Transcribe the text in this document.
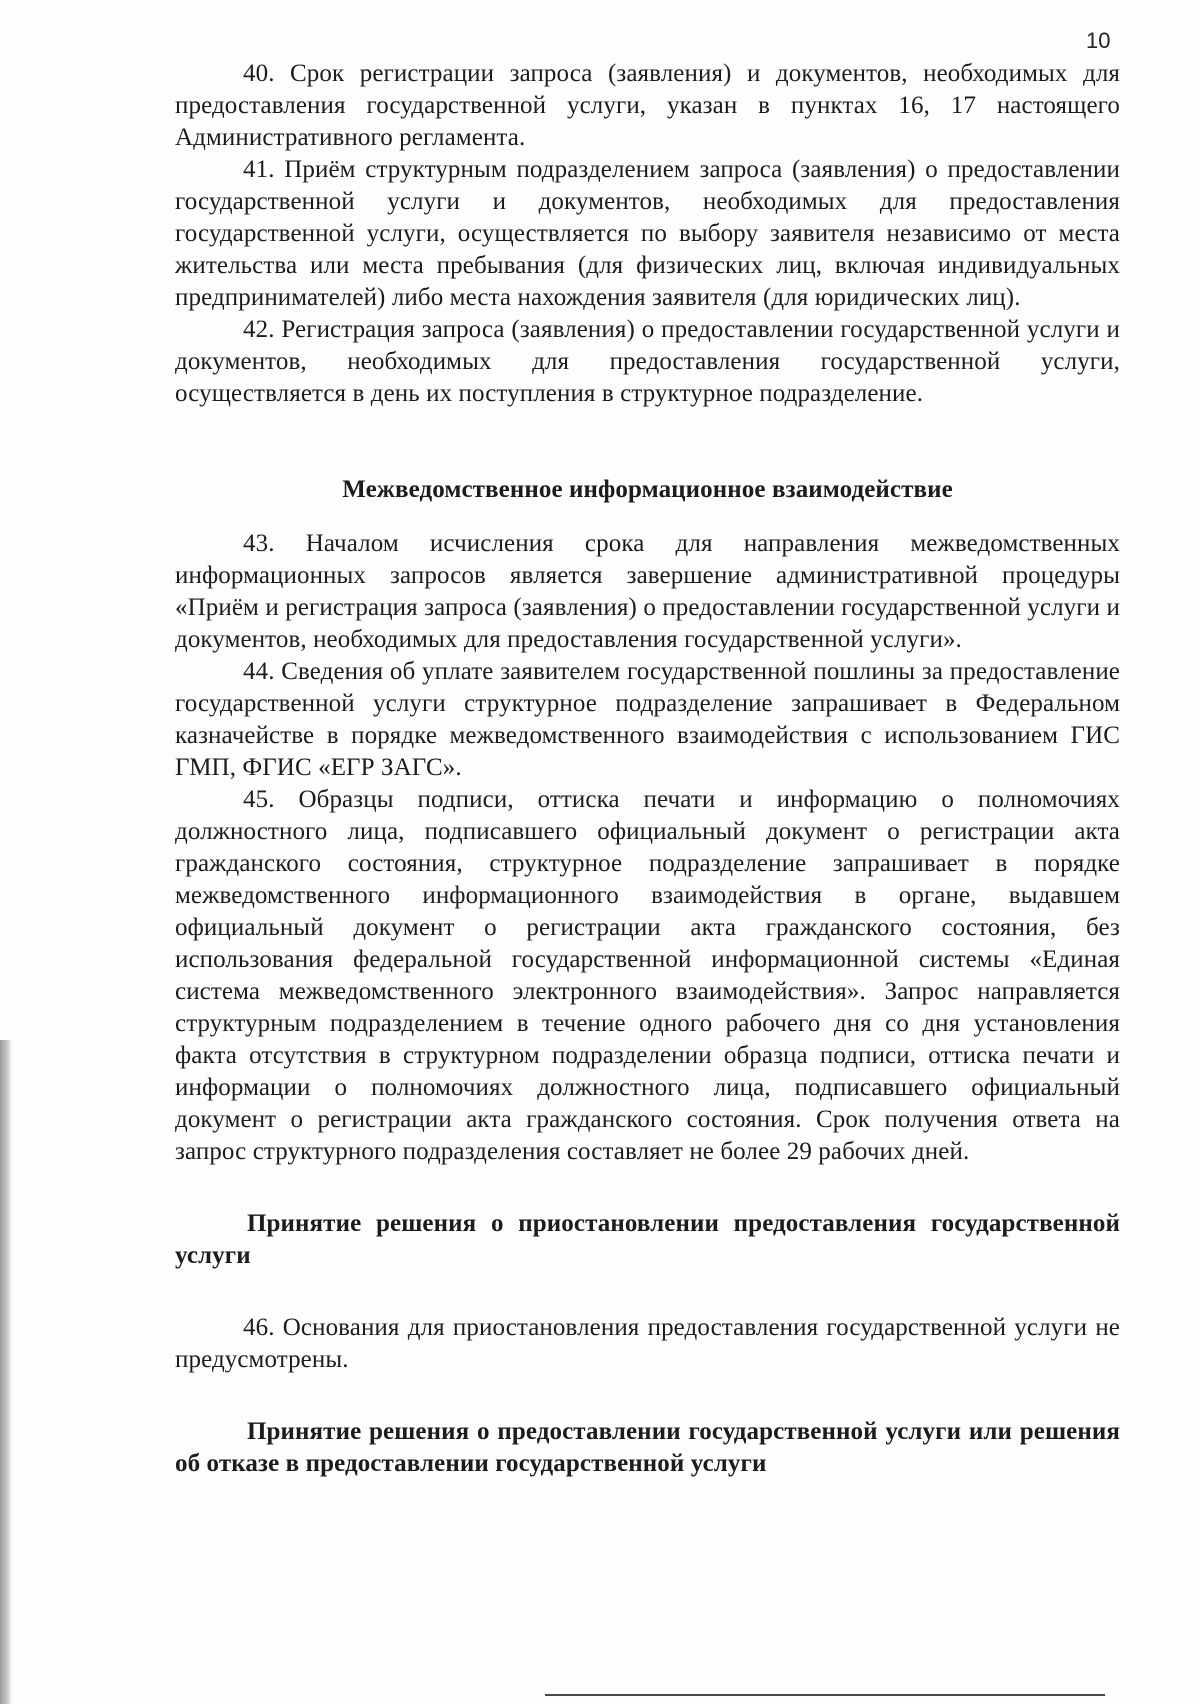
10

40. Срок регистрации запроса (заявления) и документов, необходимых для предоставления государственной услуги, указан в пунктах 16, 17 настоящего Административного регламента.

41. Приём структурным подразделением запроса (заявления) о предоставлении государственной услуги и документов, необходимых для предоставления государственной услуги, осуществляется по выбору заявителя независимо от места жительства или места пребывания (для физических лиц, включая индивидуальных предпринимателей) либо места нахождения заявителя (для юридических лиц).

42. Регистрация запроса (заявления) о предоставлении государственной услуги и документов, необходимых для предоставления государственной услуги, осуществляется в день их поступления в структурное подразделение.

Межведомственное информационное взаимодействие

43. Началом исчисления срока для направления межведомственных информационных запросов является завершение административной процедуры «Приём и регистрация запроса (заявления) о предоставлении государственной услуги и документов, необходимых для предоставления государственной услуги».

44. Сведения об уплате заявителем государственной пошлины за предоставление государственной услуги структурное подразделение запрашивает в Федеральном казначействе в порядке межведомственного взаимодействия с использованием ГИС ГМП, ФГИС «ЕГР ЗАГС».

45. Образцы подписи, оттиска печати и информацию о полномочиях должностного лица, подписавшего официальный документ о регистрации акта гражданского состояния, структурное подразделение запрашивает в порядке межведомственного информационного взаимодействия в органе, выдавшем официальный документ о регистрации акта гражданского состояния, без использования федеральной государственной информационной системы «Единая система межведомственного электронного взаимодействия». Запрос направляется структурным подразделением в течение одного рабочего дня со дня установления факта отсутствия в структурном подразделении образца подписи, оттиска печати и информации о полномочиях должностного лица, подписавшего официальный документ о регистрации акта гражданского состояния. Срок получения ответа на запрос структурного подразделения составляет не более 29 рабочих дней.

Принятие решения о приостановлении предоставления государственной услуги

46. Основания для приостановления предоставления государственной услуги не предусмотрены.

Принятие решения о предоставлении государственной услуги или решения об отказе в предоставлении государственной услуги
